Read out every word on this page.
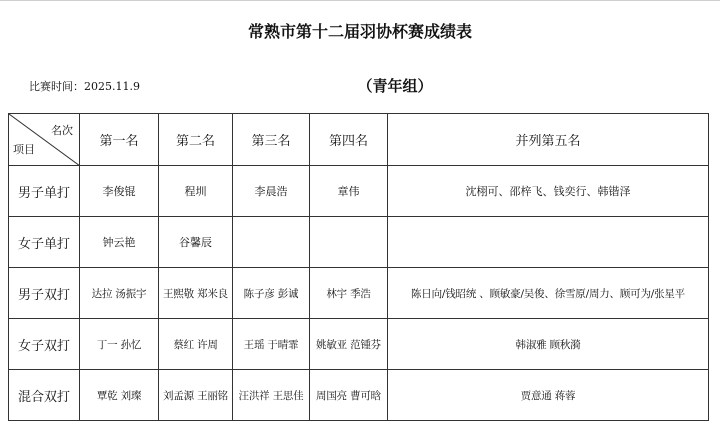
常熟市第十二届羽协杯赛成绩表
比赛时间：2025.11.9	（青年组）
名次
项目	第一名	第二名	第三名	第四名	并列第五名
男子单打	李俊锟	程圳	李晨浩	章伟	沈栩可、邵梓飞、钱奕行、韩锴泽
女子单打	钟云艳	谷馨辰			
男子双打	达拉 汤振宇	王熙敬 郑米良	陈子彦 彭诚	林宇 季浩	陈日向/钱昭统 、顾敏豪/吴俊、徐雪原/周力、顾可为/张星平
女子双打	丁一 孙忆	蔡红 许周	王瑶 于晴霏	姚敏亚 范锺芬	韩淑雅 顾秋漪
混合双打	覃乾 刘璨	刘孟源 王丽铭	汪洪祥 王思佳	周国亮 曹可晗	贾意通 蒋蓉
